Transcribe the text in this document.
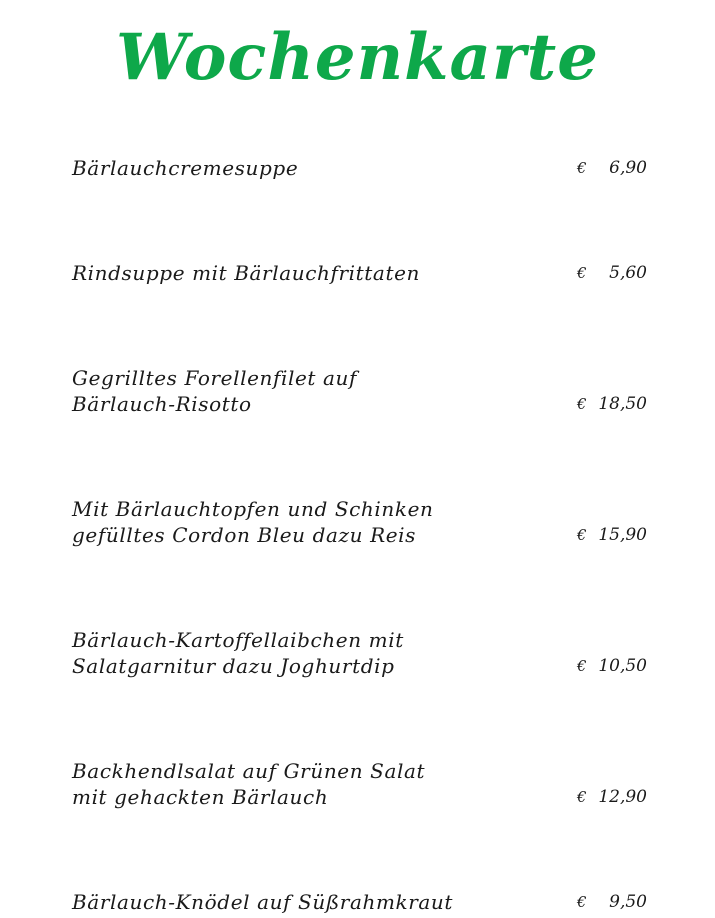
Wochenkarte
Bärlauchcremesuppe	€ 6,90
Rindsuppe mit Bärlauchfrittaten	€ 5,60
Gegrilltes Forellenfilet auf
Bärlauch-Risotto	€ 18,50
Mit Bärlauchtopfen und Schinken
gefülltes Cordon Bleu dazu Reis	€ 15,90
Bärlauch-Kartoffellaibchen mit
Salatgarnitur dazu Joghurtdip	€ 10,50
Backhendlsalat auf Grünen Salat
mit gehackten Bärlauch	€ 12,90
Bärlauch-Knödel auf Süßrahmkraut	€ 9,50
